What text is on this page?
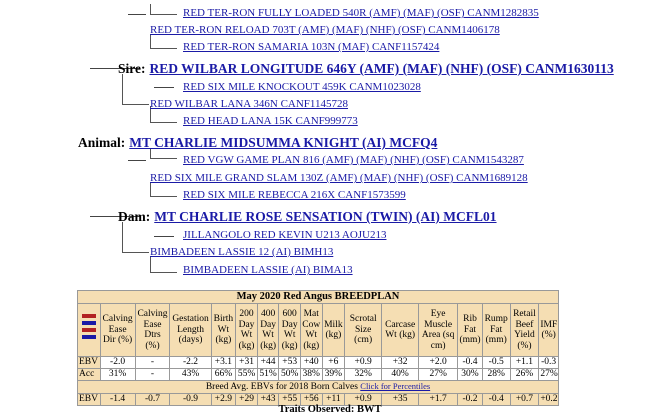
RED TER-RON FULLY LOADED 540R (AMF) (MAF) (OSF) CANM1282835
RED TER-RON RELOAD 703T (AMF) (MAF) (NHF) (OSF) CANM1406178
RED TER-RON SAMARIA 103N (MAF) CANF1157424
Sire: RED WILBAR LONGITUDE 646Y (AMF) (MAF) (NHF) (OSF) CANM1630113
RED SIX MILE KNOCKOUT 459K CANM1023028
RED WILBAR LANA 346N CANF1145728
RED HEAD LANA 15K CANF999773
Animal: MT CHARLIE MIDSUMMA KNIGHT (AI) MCFQ4
RED VGW GAME PLAN 816 (AMF) (MAF) (NHF) (OSF) CANM1543287
RED SIX MILE GRAND SLAM 130Z (AMF) (MAF) (NHF) (OSF) CANM1689128
RED SIX MILE REBECCA 216X CANF1573599
Dam: MT CHARLIE ROSE SENSATION (TWIN) (AI) MCFL01
JILLANGOLO RED KEVIN U213 AOJU213
BIMBADEEN LASSIE 12 (AI) BIMH13
BIMBADEEN LASSIE (AI) BIMA13
May 2020 Red Angus BREEDPLAN																
	Calving Ease Dir (%)	Calving Ease Dtrs (%)	Gestation Length (days)	Birth Wt (kg)	200 Day Wt (kg)	400 Day Wt (kg)	600 Day Wt (kg)	Mat Cow Wt (kg)	Milk (kg)	Scrotal Size (cm)	Carcase Wt (kg)	Eye Muscle Area (sq cm)	Rib Fat (mm)	Rump Fat (mm)	Retail Beef Yield (%)	IMF (%)
EBV	-2.0	-	-2.2	+3.1	+31	+44	+53	+40	+6	+0.9	+32	+2.0	-0.4	-0.5	+1.1	-0.3
Acc	31%	-	43%	66%	55%	51%	50%	38%	39%	32%	40%	27%	30%	28%	26%	27%
Breed Avg. EBVs for 2018 Born Calves Click for Percentiles																
EBV	-1.4	-0.7	-0.9	+2.9	+29	+43	+55	+56	+11	+0.9	+35	+1.7	-0.2	-0.4	+0.7	+0.2
Traits Observed: BWT
